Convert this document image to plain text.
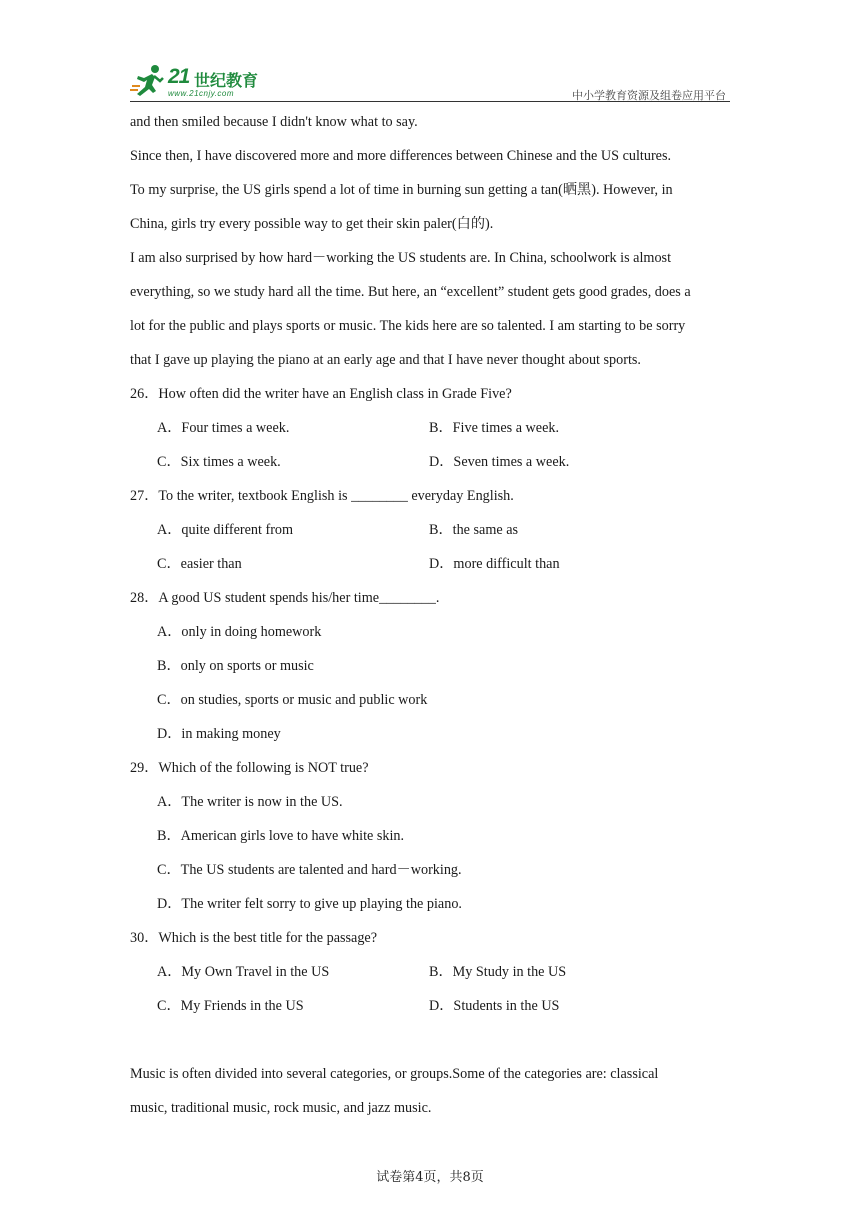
21 世纪教育
www.21cnjy.com	中小学教育资源及组卷应用平台
and then smiled because I didn't know what to say.
Since then, I have discovered more and more differences between Chinese and the US cultures.
To my surprise, the US girls spend a lot of time in burning sun getting a tan(晒黑). However, in
China, girls try every possible way to get their skin paler(白的).
I am also surprised by how hard－working the US students are. In China, schoolwork is almost
everything, so we study hard all the time. But here, an “excellent” student gets good grades, does a
lot for the public and plays sports or music. The kids here are so talented. I am starting to be sorry
that I gave up playing the piano at an early age and that I have never thought about sports.
26．How often did the writer have an English class in Grade Five?
A．Four times a week.	B．Five times a week.
C．Six times a week.	D．Seven times a week.
27．To the writer, textbook English is ________ everyday English.
A．quite different from	B．the same as
C．easier than	D．more difficult than
28．A good US student spends his/her time________.
A．only in doing homework
B．only on sports or music
C．on studies, sports or music and public work
D．in making money
29．Which of the following is NOT true?
A．The writer is now in the US.
B．American girls love to have white skin.
C．The US students are talented and hard－working.
D．The writer felt sorry to give up playing the piano.
30．Which is the best title for the passage?
A．My Own Travel in the US	B．My Study in the US
C．My Friends in the US	D．Students in the US
Music is often divided into several categories, or groups.Some of the categories are: classical
music, traditional music, rock music, and jazz music.
试卷第4页，共8页
